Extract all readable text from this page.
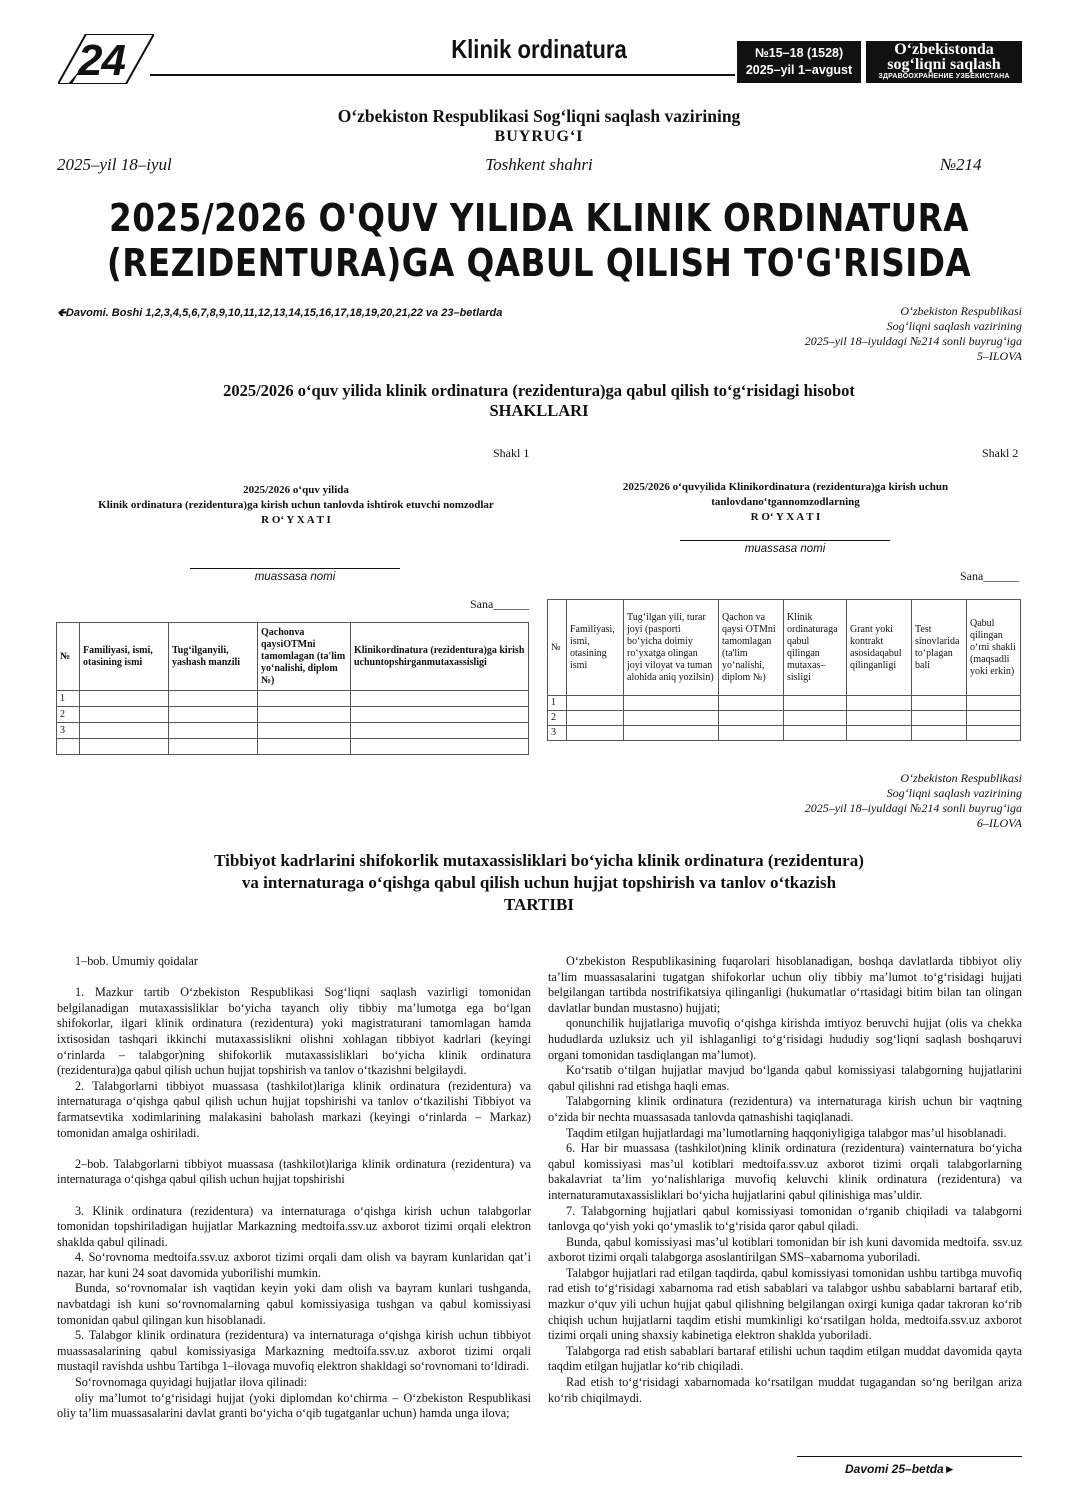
24	Klinik ordinatura	№15–18 (1528)
2025–yil 1–avgust
O‘zbekistonda
sog‘liqni saqlash
ЗДРАВООХРАНЕНИЕ УЗБЕКИСТАНА
O‘zbekiston Respublikasi Sog‘liqni saqlash vazirining
BUYRUG‘I
2025–yil 18–iyul	Toshkent shahri	№214
2025/2026 O'QUV YILIDA KLINIK ORDINATURA
(REZIDENTURA)GA QABUL QILISH TO'G'RISIDA
🡸Davomi. Boshi 1,2,3,4,5,6,7,8,9,10,11,12,13,14,15,16,17,18,19,20,21,22 va 23–betlarda	O‘zbekiston Respublikasi
Sog‘liqni saqlash vazirining
2025–yil 18–iyuldagi №214 sonli buyrug‘iga
5–ILOVA
2025/2026 o‘quv yilida klinik ordinatura (rezidentura)ga qabul qilish to‘g‘risidagi hisobot
SHAKLLARI
Shakl 1
2025/2026 o‘quv yilida
Klinik ordinatura (rezidentura)ga kirish uchun tanlovda ishtirok etuvchi nomzodlar
R O‘ Y X A T I
muassasa nomi
Sana______
№	Familiyasi, ismi, otasining ismi	Tug‘ilganyili, yashash manzili	Qachonva qaysiOTMni tamomlagan (ta'lim yo‘nalishi, diplom №)	Klinikordinatura (rezidentura)ga kirish uchuntopshirganmutaxassisligi
1				
2				
3				

Shakl 2
2025/2026 o‘quvyilida Klinikordinatura (rezidentura)ga kirish uchun
tanlovdano‘tgannomzodlarning
R O‘ Y X A T I
muassasa nomi
Sana______
№	Familiyasi, ismi, otasining ismi	Tug‘ilgan yili, turar joyi (pasporti bo‘yicha doimiy ro‘yxatga olingan joyi viloyat va tuman alohida aniq yozilsin)	Qachon va qaysi OTMni tamomlagan (ta'lim yo‘nalishi, diplom №)	Klinik ordinaturaga qabul qilingan mutaxas–sisligi	Grant yoki kontrakt asosidaqabul qilinganligi	Test sinovlarida to‘plagan bali	Qabul qilingan o‘rni shakli (maqsadli yoki erkin)
1							
2							
3							
O‘zbekiston Respublikasi
Sog‘liqni saqlash vazirining
2025–yil 18–iyuldagi №214 sonli buyrug‘iga
6–ILOVA
Tibbiyot kadrlarini shifokorlik mutaxassisliklari bo‘yicha klinik ordinatura (rezidentura)
va internaturaga o‘qishga qabul qilish uchun hujjat topshirish va tanlov o‘tkazish
TARTIBI

1–bob. Umumiy qoidalar

1. Mazkur tartib O‘zbekiston Respublikasi Sog‘liqni saqlash vazirligi tomonidan belgilanadigan mutaxassisliklar bo‘yicha tayanch oliy tibbiy ma’lumotga ega bo‘lgan shifokorlar, ilgari klinik ordinatura (rezidentura) yoki magistraturani tamomlagan hamda ixtisosidan tashqari ikkinchi mutaxassislikni olishni xohlagan tibbiyot kadrlari (keyingi o‘rinlarda – talabgor)ning shifokorlik mutaxassisliklari bo‘yicha klinik ordinatura (rezidentura)ga qabul qilish uchun hujjat topshirish va tanlov o‘tkazishni belgilaydi.

2. Talabgorlarni tibbiyot muassasa (tashkilot)lariga klinik ordinatura (rezidentura) va internaturaga o‘qishga qabul qilish uchun hujjat topshirishi va tanlov o‘tkazilishi Tibbiyot va farmatsevtika xodimlarining malakasini baholash markazi (keyingi o‘rinlarda – Markaz) tomonidan amalga oshiriladi.

2–bob. Talabgorlarni tibbiyot muassasa (tashkilot)lariga klinik ordinatura (rezidentura) va internaturaga o‘qishga qabul qilish uchun hujjat topshirishi

3. Klinik ordinatura (rezidentura) va internaturaga o‘qishga kirish uchun talabgorlar tomonidan topshiriladigan hujjatlar Markazning medtoifa.ssv.uz axborot tizimi orqali elektron shaklda qabul qilinadi.

4. So‘rovnoma medtoifa.ssv.uz axborot tizimi orqali dam olish va bayram kunlaridan qat’i nazar, har kuni 24 soat davomida yuborilishi mumkin.

Bunda, so‘rovnomalar ish vaqtidan keyin yoki dam olish va bayram kunlari tushganda, navbatdagi ish kuni so‘rovnomalarning qabul komissiyasiga tushgan va qabul komissiyasi tomonidan qabul qilingan kun hisoblanadi.

5. Talabgor klinik ordinatura (rezidentura) va internaturaga o‘qishga kirish uchun tibbiyot muassasalarining qabul komissiyasiga Markazning medtoifa.ssv.uz axborot tizimi orqali mustaqil ravishda ushbu Tartibga 1–ilovaga muvofiq elektron shakldagi so‘rovnomani to‘ldiradi.

So‘rovnomaga quyidagi hujjatlar ilova qilinadi:

oliy ma’lumot to‘g‘risidagi hujjat (yoki diplomdan ko‘chirma – O‘zbekiston Respublikasi oliy ta’lim muassasalarini davlat granti bo‘yicha o‘qib tugatganlar uchun) hamda unga ilova;

O‘zbekiston Respublikasining fuqarolari hisoblanadigan, boshqa davlatlarda tibbiyot oliy ta’lim muassasalarini tugatgan shifokorlar uchun oliy tibbiy ma’lumot to‘g‘risidagi hujjati belgilangan tartibda nostrifikatsiya qilinganligi (hukumatlar o‘rtasidagi bitim bilan tan olingan davlatlar bundan mustasno) hujjati;

qonunchilik hujjatlariga muvofiq o‘qishga kirishda imtiyoz beruvchi hujjat (olis va chekka hududlarda uzluksiz uch yil ishlaganligi to‘g‘risidagi hududiy sog‘liqni saqlash boshqaruvi organi tomonidan tasdiqlangan ma’lumot).

Ko‘rsatib o‘tilgan hujjatlar mavjud bo‘lganda qabul komissiyasi talabgorning hujjatlarini qabul qilishni rad etishga haqli emas.

Talabgorning klinik ordinatura (rezidentura) va internaturaga kirish uchun bir vaqtning o‘zida bir nechta muassasada tanlovda qatnashishi taqiqlanadi.

Taqdim etilgan hujjatlardagi ma’lumotlarning haqqoniyligiga talabgor mas’ul hisoblanadi.

6. Har bir muassasa (tashkilot)ning klinik ordinatura (rezidentura) vainternatura bo‘yicha qabul komissiyasi mas’ul kotiblari medtoifa.ssv.uz axborot tizimi orqali talabgorlarning bakalavriat ta’lim yo‘nalishlariga muvofiq keluvchi klinik ordinatura (rezidentura) va internaturamutaxassisliklari bo‘yicha hujjatlarini qabul qilinishiga mas’uldir.

7. Talabgorning hujjatlari qabul komissiyasi tomonidan o‘rganib chiqiladi va talabgorni tanlovga qo‘yish yoki qo‘ymaslik to‘g‘risida qaror qabul qiladi.

Bunda, qabul komissiyasi mas’ul kotiblari tomonidan bir ish kuni davomida medtoifa. ssv.uz axborot tizimi orqali talabgorga asoslantirilgan SMS–xabarnoma yuboriladi.

Talabgor hujjatlari rad etilgan taqdirda, qabul komissiyasi tomonidan ushbu tartibga muvofiq rad etish to‘g‘risidagi xabarnoma rad etish sabablari va talabgor ushbu sabablarni bartaraf etib, mazkur o‘quv yili uchun hujjat qabul qilishning belgilangan oxirgi kuniga qadar takroran ko‘rib chiqish uchun hujjatlarni taqdim etishi mumkinligi ko‘rsatilgan holda, medtoifa.ssv.uz axborot tizimi orqali uning shaxsiy kabinetiga elektron shaklda yuboriladi.

Talabgorga rad etish sabablari bartaraf etilishi uchun taqdim etilgan muddat davomida qayta taqdim etilgan hujjatlar ko‘rib chiqiladi.

Rad etish to‘g‘risidagi xabarnomada ko‘rsatilgan muddat tugagandan so‘ng berilgan ariza ko‘rib chiqilmaydi.

Davomi 25–betda►
